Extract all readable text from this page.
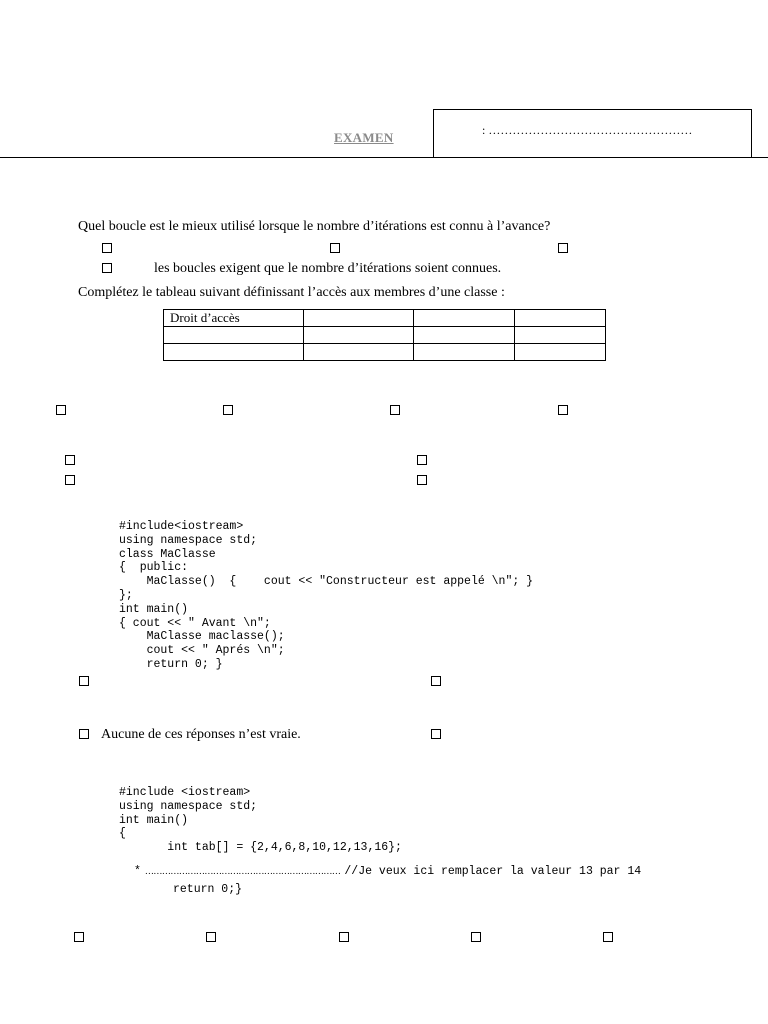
EXAMEN	: ……………………………………………
Quel boucle est le mieux utilisé lorsque le nombre d’itérations est connu à l’avance?
les boucles exigent que le nombre d’itérations soient connues.
Complétez le tableau suivant définissant l’accès aux membres d’une classe :
Droit d’accès			

#include<iostream>
using namespace std;
class MaClasse
{  public:
MaClasse()  {    cout << "Constructeur est appelé \n"; }
};
int main()
{ cout << " Avant \n";
MaClasse maclasse();
cout << " Aprés \n";
return 0; }
Aucune de ces réponses n’est vraie.
#include <iostream>
using namespace std;
int main()
{
int tab[] = {2,4,6,8,10,12,13,16};
* …………………………………………………………… //Je veux ici remplacer la valeur 13 par 14
return 0;}
